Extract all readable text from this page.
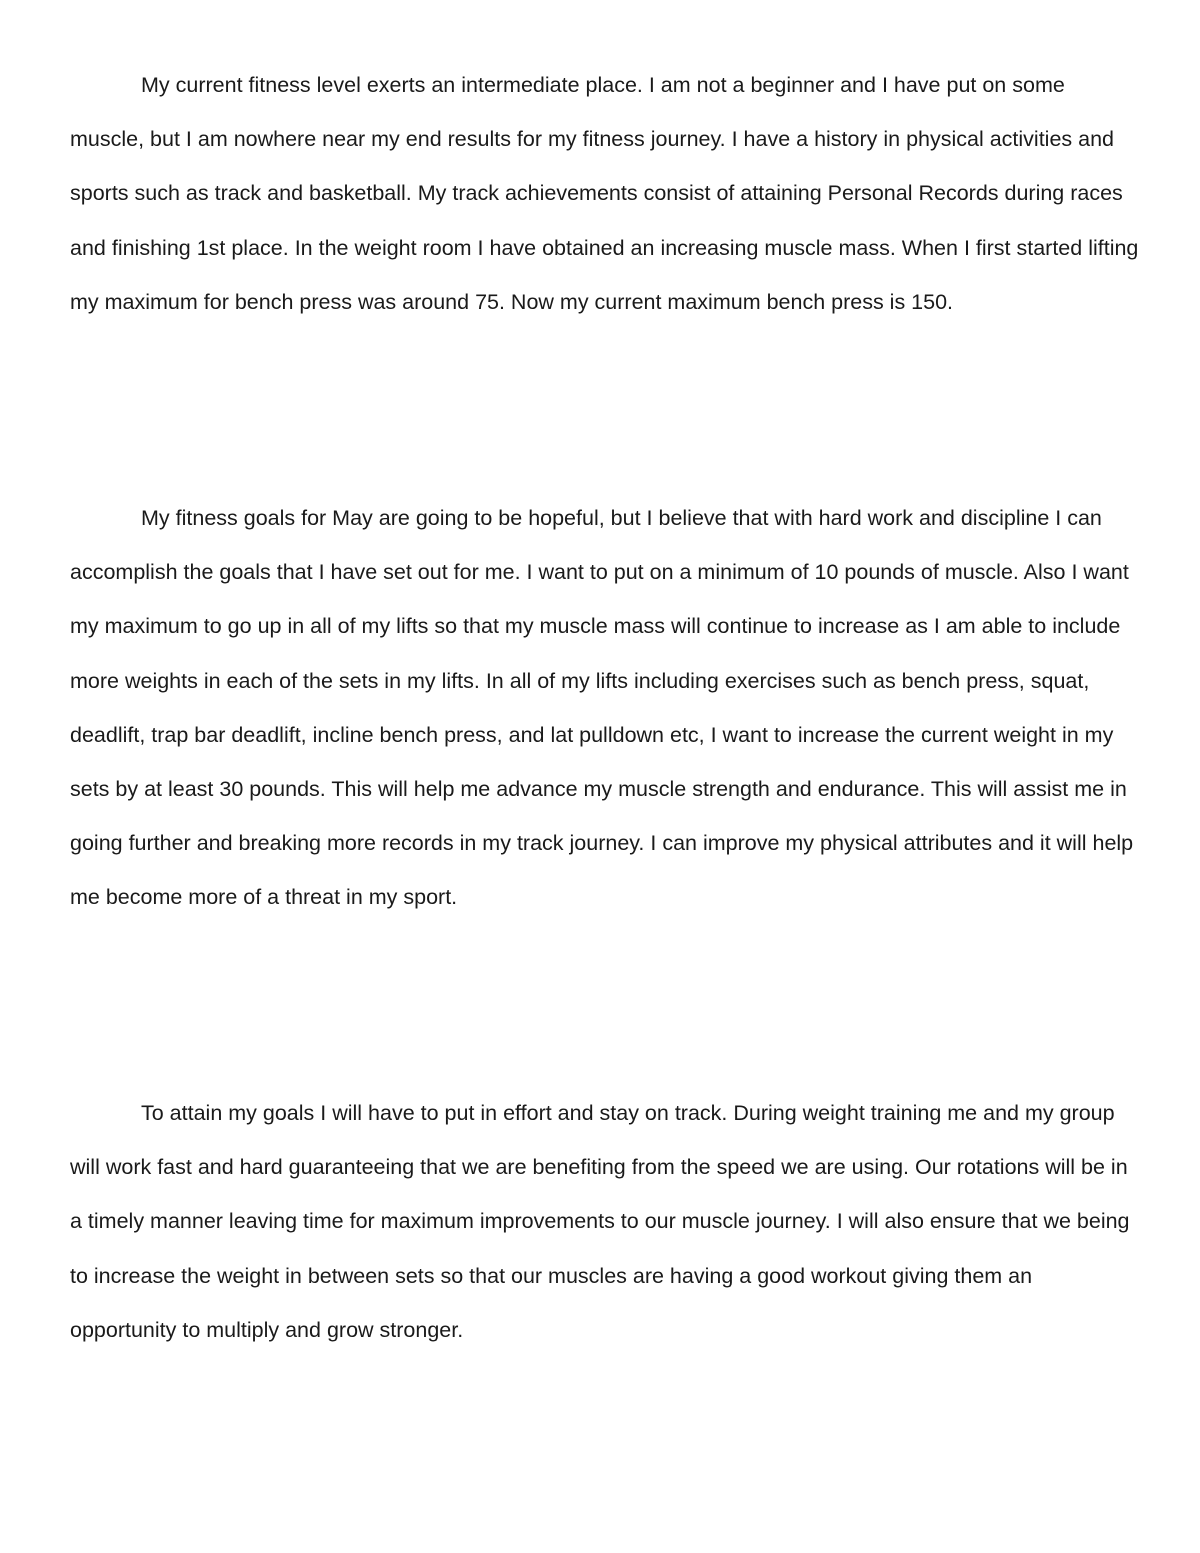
My current fitness level exerts an intermediate place. I am not a beginner and I have put on some muscle, but I am nowhere near my end results for my fitness journey. I have a history in physical activities and sports such as track and basketball. My track achievements consist of attaining Personal Records during races and finishing 1st place. In the weight room I have obtained an increasing muscle mass. When I first started lifting my maximum for bench press was around 75. Now my current maximum bench press is 150.

My fitness goals for May are going to be hopeful, but I believe that with hard work and discipline I can accomplish the goals that I have set out for me. I want to put on a minimum of 10 pounds of muscle. Also I want my maximum to go up in all of my lifts so that my muscle mass will continue to increase as I am able to include more weights in each of the sets in my lifts. In all of my lifts including exercises such as bench press, squat, deadlift, trap bar deadlift, incline bench press, and lat pulldown etc, I want to increase the current weight in my sets by at least 30 pounds. This will help me advance my muscle strength and endurance. This will assist me in going further and breaking more records in my track journey. I can improve my physical attributes and it will help me become more of a threat in my sport.

To attain my goals I will have to put in effort and stay on track. During weight training me and my group will work fast and hard guaranteeing that we are benefiting from the speed we are using. Our rotations will be in a timely manner leaving time for maximum improvements to our muscle journey. I will also ensure that we being to increase the weight in between sets so that our muscles are having a good workout giving them an opportunity to multiply and grow stronger.
